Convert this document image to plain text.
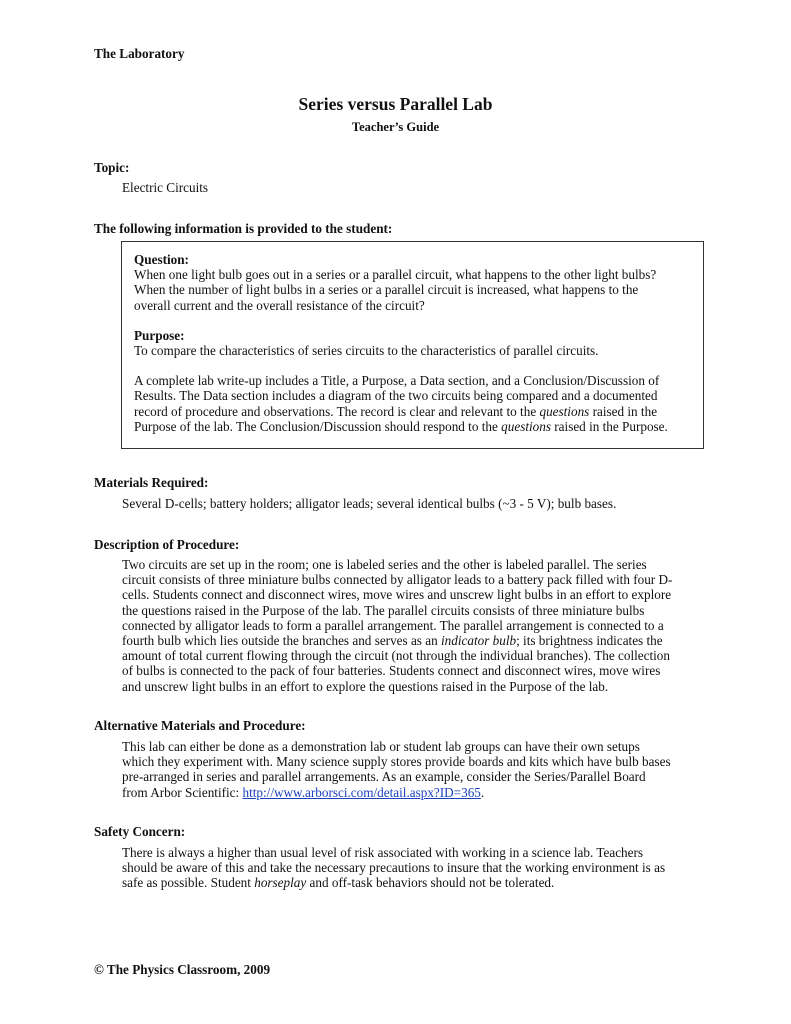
The Laboratory
Series versus Parallel Lab
Teacher’s Guide
Topic:
Electric Circuits
The following information is provided to the student:

Question:

When one light bulb goes out in a series or a parallel circuit, what happens to the other light bulbs?

When the number of light bulbs in a series or a parallel circuit is increased, what happens to the

overall current and the overall resistance of the circuit?

Purpose:

To compare the characteristics of series circuits to the characteristics of parallel circuits.

A complete lab write-up includes a Title, a Purpose, a Data section, and a Conclusion/Discussion of

Results. The Data section includes a diagram of the two circuits being compared and a documented

record of procedure and observations. The record is clear and relevant to the questions raised in the

Purpose of the lab. The Conclusion/Discussion should respond to the questions raised in the Purpose.

Materials Required:
Several D-cells; battery holders; alligator leads; several identical bulbs (~3 - 5 V); bulb bases.
Description of Procedure:

Two circuits are set up in the room; one is labeled series and the other is labeled parallel. The series

circuit consists of three miniature bulbs connected by alligator leads to a battery pack filled with four D-

cells. Students connect and disconnect wires, move wires and unscrew light bulbs in an effort to explore

the questions raised in the Purpose of the lab. The parallel circuits consists of three miniature bulbs

connected by alligator leads to form a parallel arrangement. The parallel arrangement is connected to a

fourth bulb which lies outside the branches and serves as an indicator bulb; its brightness indicates the

amount of total current flowing through the circuit (not through the individual branches). The collection

of bulbs is connected to the pack of four batteries. Students connect and disconnect wires, move wires

and unscrew light bulbs in an effort to explore the questions raised in the Purpose of the lab.

Alternative Materials and Procedure:

This lab can either be done as a demonstration lab or student lab groups can have their own setups

which they experiment with. Many science supply stores provide boards and kits which have bulb bases

pre-arranged in series and parallel arrangements. As an example, consider the Series/Parallel Board

from Arbor Scientific: http://www.arborsci.com/detail.aspx?ID=365.

Safety Concern:

There is always a higher than usual level of risk associated with working in a science lab. Teachers

should be aware of this and take the necessary precautions to insure that the working environment is as

safe as possible. Student horseplay and off-task behaviors should not be tolerated.

© The Physics Classroom, 2009
